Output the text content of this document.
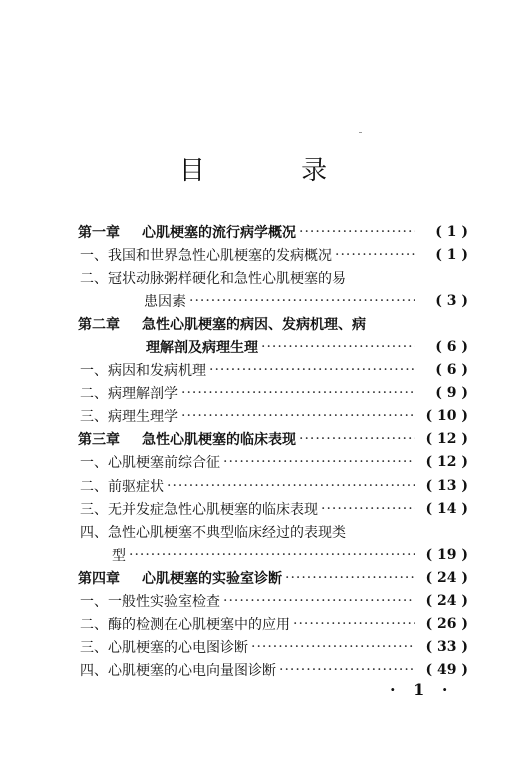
目 录
第一章	心肌梗塞的流行病学概况 ·····	( 1 )
一、 我国和世界急性心肌梗塞的发病概况 ·····	( 1 )
二、 冠状动脉粥样硬化和急性心肌梗塞的易
患因素 ·····	( 3 )
第二章	急性心肌梗塞的病因、发病机理、病
理解剖及病理生理 ·····	( 6 )
一、 病因和发病机理 ·····	( 6 )
二、 病理解剖学 ·····	( 9 )
三、 病理生理学 ·····	( 10 )
第三章	急性心肌梗塞的临床表现 ·····	( 12 )
一、 心肌梗塞前综合征 ·····	( 12 )
二、 前驱症状 ·····	( 13 )
三、 无并发症急性心肌梗塞的临床表现 ·····	( 14 )
四、 急性心肌梗塞不典型临床经过的表现类
型 ·····	( 19 )
第四章	心肌梗塞的实验室诊断 ·····	( 24 )
一、 一般性实验室检查 ·····	( 24 )
二、 酶的检测在心肌梗塞中的应用 ·····	( 26 )
三、 心肌梗塞的心电图诊断 ·····	( 33 )
四、 心肌梗塞的心电向量图诊断 ·····	( 49 )
· 1 ·
